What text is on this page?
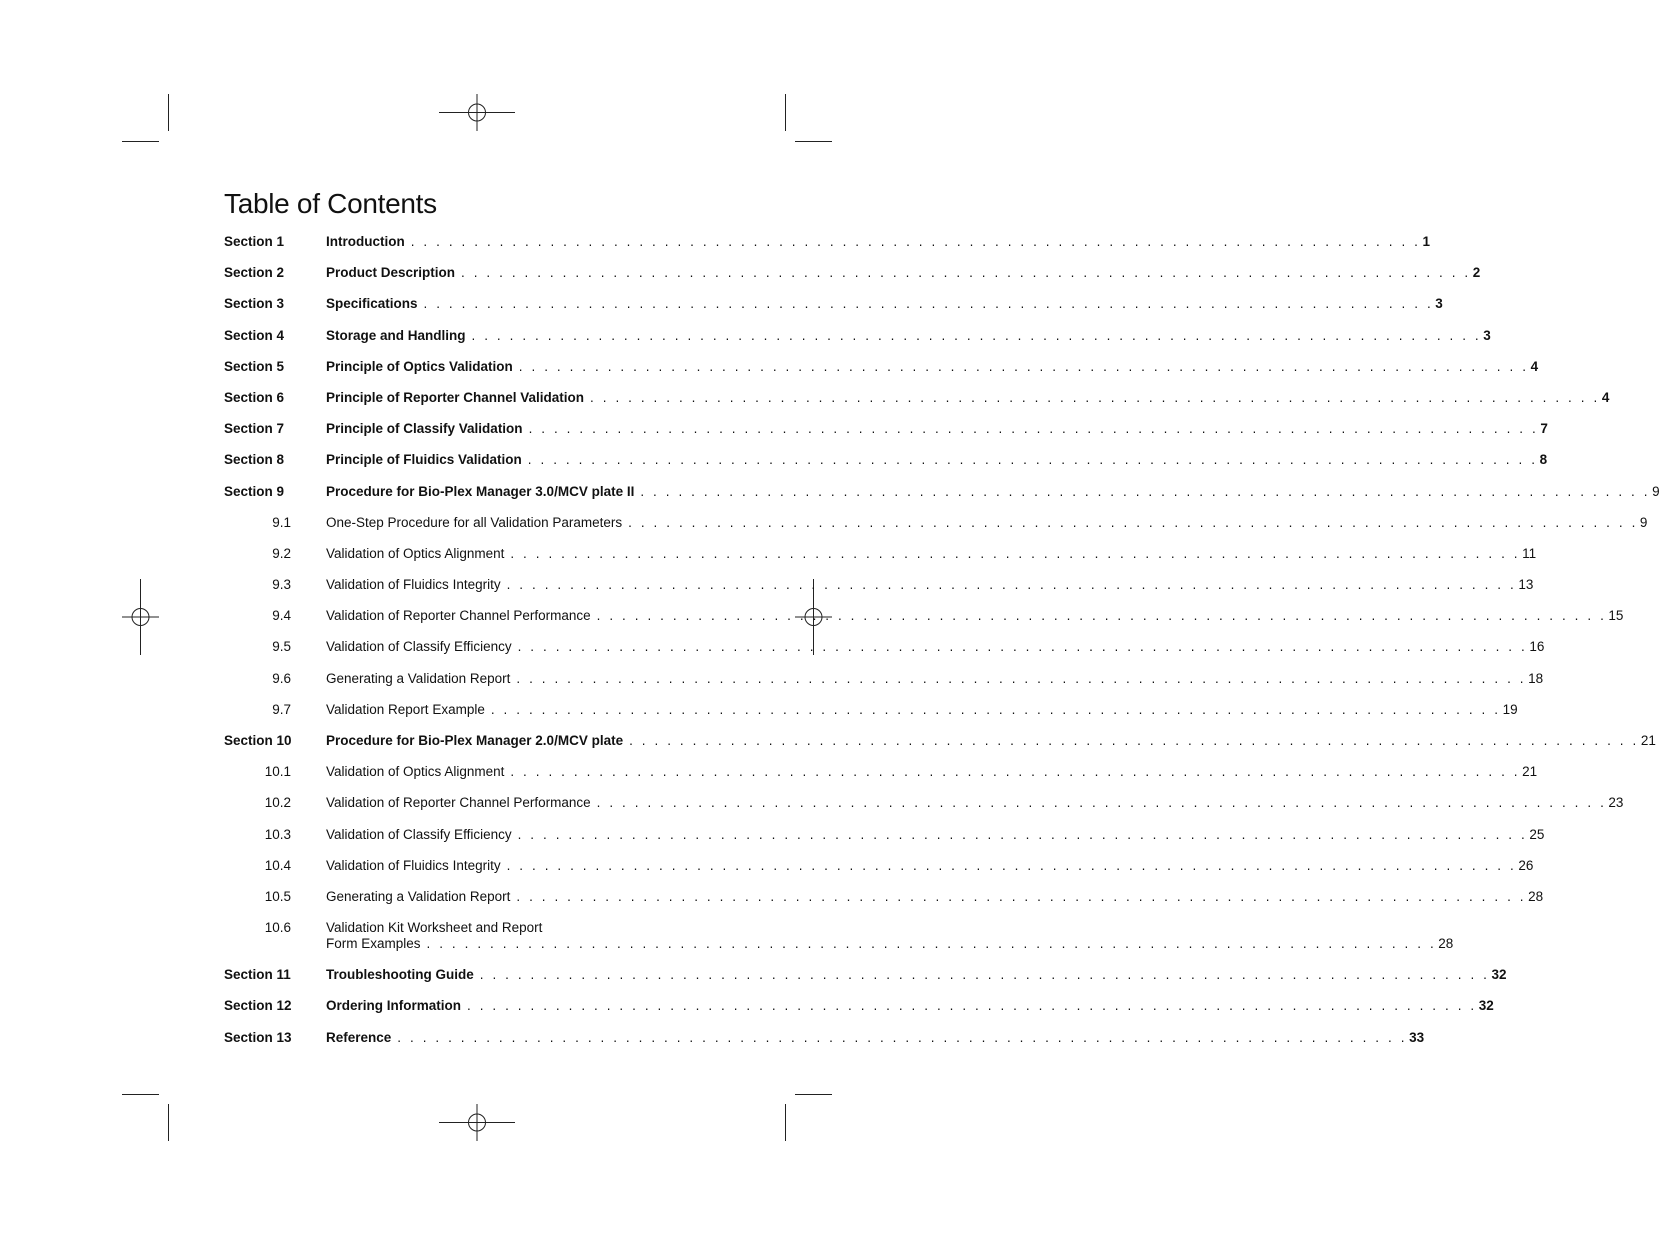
Table of Contents
Section 1	Introduction . . . . . . . . . . . . . . . . . . . . . . . . . . . . . . . . . . . . . . . . . . . . . . . . . . . . . . . . . . . . . . . . . . . . . . . . . . . . . . . . 1
Section 2	Product Description . . . . . . . . . . . . . . . . . . . . . . . . . . . . . . . . . . . . . . . . . . . . . . . . . . . . . . . . . . . . . . . . . . . . . . . . . . . . . . . . 2
Section 3	Specifications . . . . . . . . . . . . . . . . . . . . . . . . . . . . . . . . . . . . . . . . . . . . . . . . . . . . . . . . . . . . . . . . . . . . . . . . . . . . . . . . 3
Section 4	Storage and Handling . . . . . . . . . . . . . . . . . . . . . . . . . . . . . . . . . . . . . . . . . . . . . . . . . . . . . . . . . . . . . . . . . . . . . . . . . . . . . . . . 3
Section 5	Principle of Optics Validation . . . . . . . . . . . . . . . . . . . . . . . . . . . . . . . . . . . . . . . . . . . . . . . . . . . . . . . . . . . . . . . . . . . . . . . . . . . . . . . . 4
Section 6	Principle of Reporter Channel Validation . . . . . . . . . . . . . . . . . . . . . . . . . . . . . . . . . . . . . . . . . . . . . . . . . . . . . . . . . . . . . . . . . . . . . . . . . . . . . . . . 4
Section 7	Principle of Classify Validation . . . . . . . . . . . . . . . . . . . . . . . . . . . . . . . . . . . . . . . . . . . . . . . . . . . . . . . . . . . . . . . . . . . . . . . . . . . . . . . . 7
Section 8	Principle of Fluidics Validation . . . . . . . . . . . . . . . . . . . . . . . . . . . . . . . . . . . . . . . . . . . . . . . . . . . . . . . . . . . . . . . . . . . . . . . . . . . . . . . . 8
Section 9	Procedure for Bio-Plex Manager 3.0/MCV plate II . . . . . . . . . . . . . . . . . . . . . . . . . . . . . . . . . . . . . . . . . . . . . . . . . . . . . . . . . . . . . . . . . . . . . . . . . . . . . . . . 9
9.1	One-Step Procedure for all Validation Parameters . . . . . . . . . . . . . . . . . . . . . . . . . . . . . . . . . . . . . . . . . . . . . . . . . . . . . . . . . . . . . . . . . . . . . . . . . . . . . . . . 9
9.2	Validation of Optics Alignment . . . . . . . . . . . . . . . . . . . . . . . . . . . . . . . . . . . . . . . . . . . . . . . . . . . . . . . . . . . . . . . . . . . . . . . . . . . . . . . . 11
9.3	Validation of Fluidics Integrity . . . . . . . . . . . . . . . . . . . . . . . . . . . . . . . . . . . . . . . . . . . . . . . . . . . . . . . . . . . . . . . . . . . . . . . . . . . . . . . . 13
9.4	Validation of Reporter Channel Performance . . . . . . . . . . . . . . . . . . . . . . . . . . . . . . . . . . . . . . . . . . . . . . . . . . . . . . . . . . . . . . . . . . . . . . . . . . . . . . . . 15
9.5	Validation of Classify Efficiency . . . . . . . . . . . . . . . . . . . . . . . . . . . . . . . . . . . . . . . . . . . . . . . . . . . . . . . . . . . . . . . . . . . . . . . . . . . . . . . . 16
9.6	Generating a Validation Report . . . . . . . . . . . . . . . . . . . . . . . . . . . . . . . . . . . . . . . . . . . . . . . . . . . . . . . . . . . . . . . . . . . . . . . . . . . . . . . . 18
9.7	Validation Report Example . . . . . . . . . . . . . . . . . . . . . . . . . . . . . . . . . . . . . . . . . . . . . . . . . . . . . . . . . . . . . . . . . . . . . . . . . . . . . . . . 19
Section 10	Procedure for Bio-Plex Manager 2.0/MCV plate . . . . . . . . . . . . . . . . . . . . . . . . . . . . . . . . . . . . . . . . . . . . . . . . . . . . . . . . . . . . . . . . . . . . . . . . . . . . . . . . 21
10.1	Validation of Optics Alignment . . . . . . . . . . . . . . . . . . . . . . . . . . . . . . . . . . . . . . . . . . . . . . . . . . . . . . . . . . . . . . . . . . . . . . . . . . . . . . . . 21
10.2	Validation of Reporter Channel Performance . . . . . . . . . . . . . . . . . . . . . . . . . . . . . . . . . . . . . . . . . . . . . . . . . . . . . . . . . . . . . . . . . . . . . . . . . . . . . . . . 23
10.3	Validation of Classify Efficiency . . . . . . . . . . . . . . . . . . . . . . . . . . . . . . . . . . . . . . . . . . . . . . . . . . . . . . . . . . . . . . . . . . . . . . . . . . . . . . . . 25
10.4	Validation of Fluidics Integrity . . . . . . . . . . . . . . . . . . . . . . . . . . . . . . . . . . . . . . . . . . . . . . . . . . . . . . . . . . . . . . . . . . . . . . . . . . . . . . . . 26
10.5	Generating a Validation Report . . . . . . . . . . . . . . . . . . . . . . . . . . . . . . . . . . . . . . . . . . . . . . . . . . . . . . . . . . . . . . . . . . . . . . . . . . . . . . . . 28
10.6	Validation Kit Worksheet and Report
Form Examples . . . . . . . . . . . . . . . . . . . . . . . . . . . . . . . . . . . . . . . . . . . . . . . . . . . . . . . . . . . . . . . . . . . . . . . . . . . . . . . . 28
Section 11	Troubleshooting Guide . . . . . . . . . . . . . . . . . . . . . . . . . . . . . . . . . . . . . . . . . . . . . . . . . . . . . . . . . . . . . . . . . . . . . . . . . . . . . . . . 32
Section 12	Ordering Information . . . . . . . . . . . . . . . . . . . . . . . . . . . . . . . . . . . . . . . . . . . . . . . . . . . . . . . . . . . . . . . . . . . . . . . . . . . . . . . . 32
Section 13	Reference . . . . . . . . . . . . . . . . . . . . . . . . . . . . . . . . . . . . . . . . . . . . . . . . . . . . . . . . . . . . . . . . . . . . . . . . . . . . . . . . 33
